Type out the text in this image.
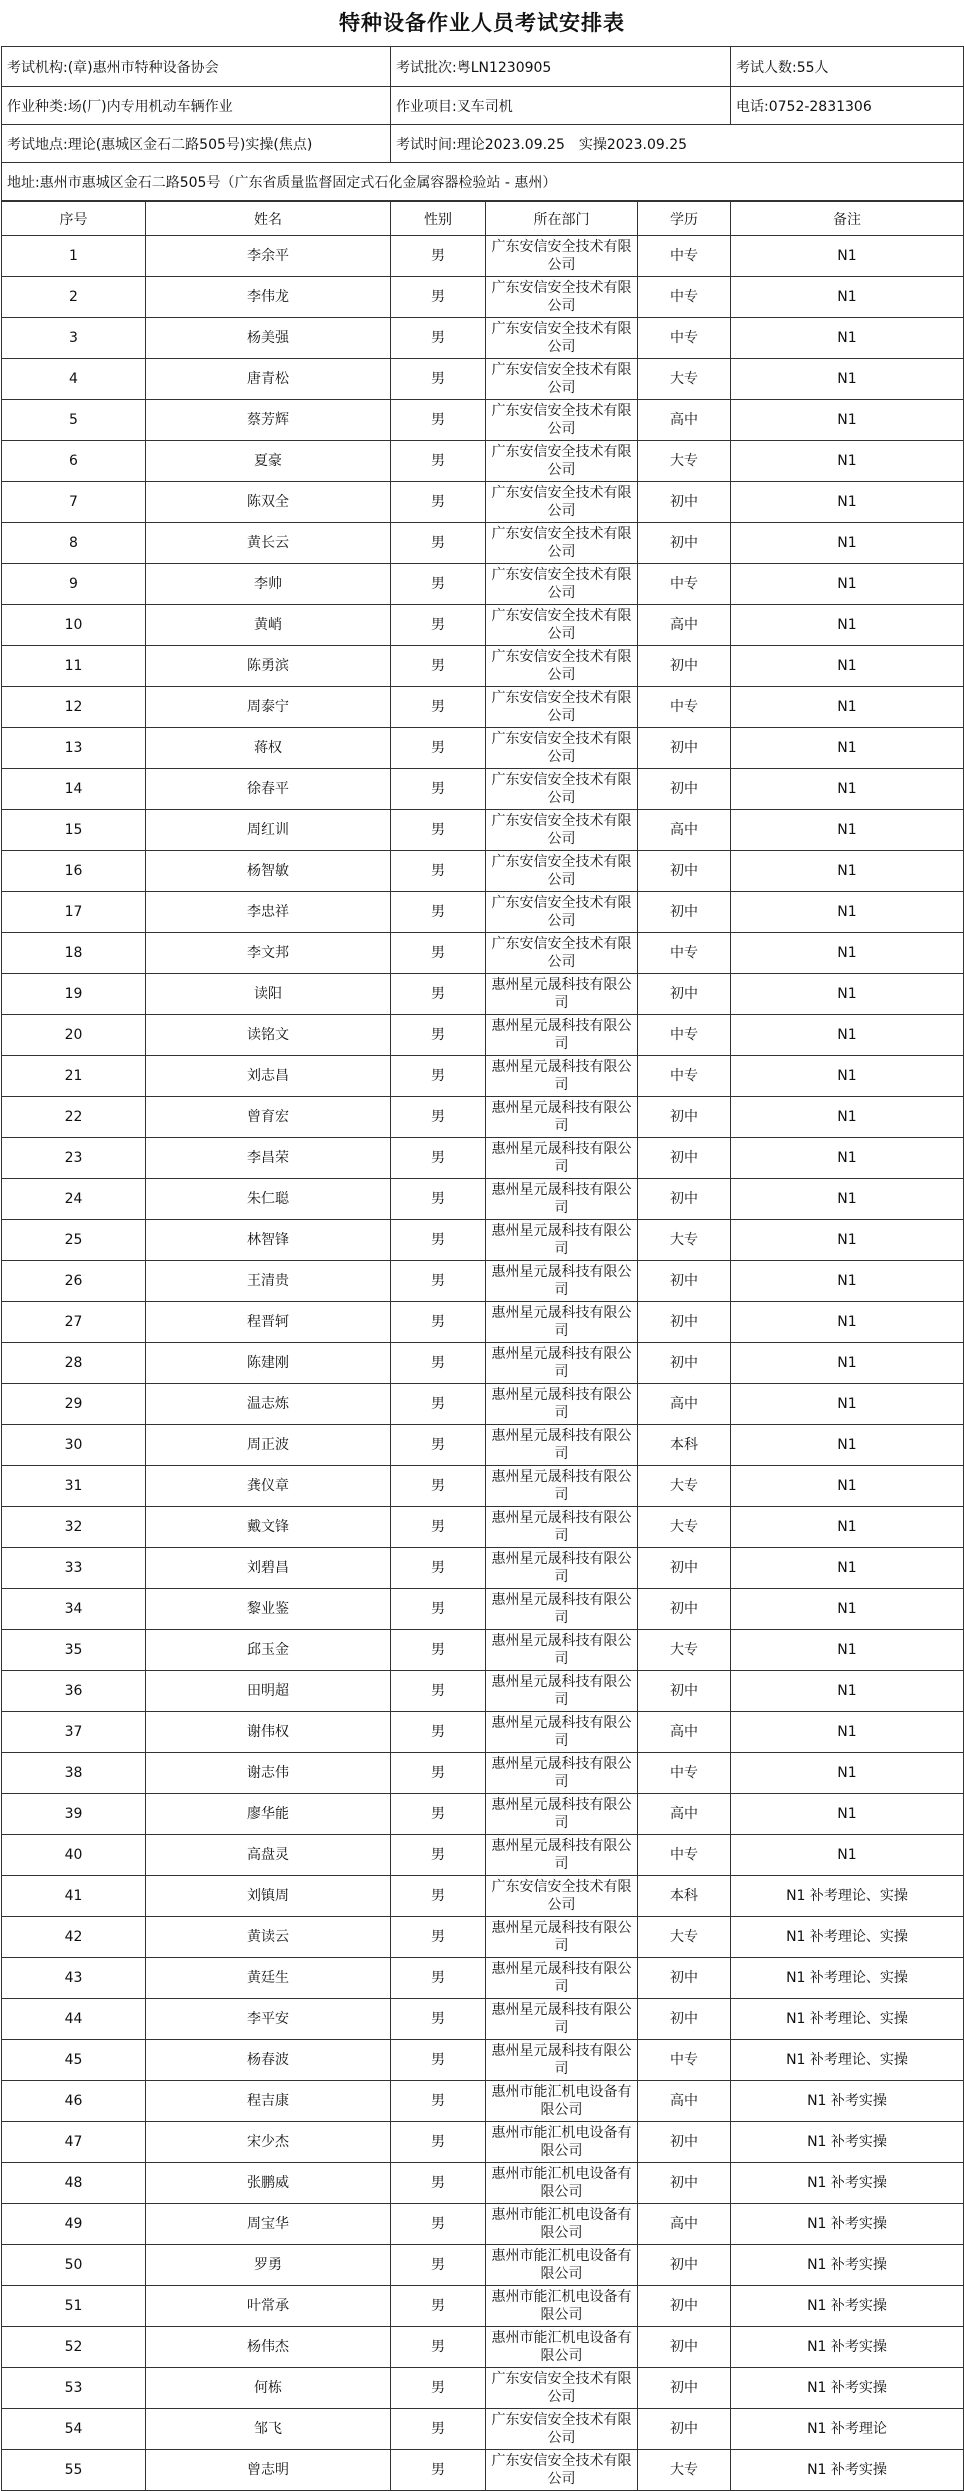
特种设备作业人员考试安排表
考试机构:(章)惠州市特种设备协会	考试批次:粤LN1230905	考试人数:55人
作业种类:场(厂)内专用机动车辆作业	作业项目:叉车司机	电话:0752-2831306
考试地点:理论(惠城区金石二路505号)实操(焦点)	考试时间:理论2023.09.25　实操2023.09.25	
地址:惠州市惠城区金石二路505号（广东省质量监督固定式石化金属容器检验站 - 惠州）		
序号	姓名	性别	所在部门	学历	备注
1	李余平	男	广东安信安全技术有限公司	中专	N1
2	李伟龙	男	广东安信安全技术有限公司	中专	N1
3	杨美强	男	广东安信安全技术有限公司	中专	N1
4	唐青松	男	广东安信安全技术有限公司	大专	N1
5	蔡芳辉	男	广东安信安全技术有限公司	高中	N1
6	夏豪	男	广东安信安全技术有限公司	大专	N1
7	陈双全	男	广东安信安全技术有限公司	初中	N1
8	黄长云	男	广东安信安全技术有限公司	初中	N1
9	李帅	男	广东安信安全技术有限公司	中专	N1
10	黄峭	男	广东安信安全技术有限公司	高中	N1
11	陈勇滨	男	广东安信安全技术有限公司	初中	N1
12	周泰宁	男	广东安信安全技术有限公司	中专	N1
13	蒋权	男	广东安信安全技术有限公司	初中	N1
14	徐春平	男	广东安信安全技术有限公司	初中	N1
15	周红训	男	广东安信安全技术有限公司	高中	N1
16	杨智敏	男	广东安信安全技术有限公司	初中	N1
17	李忠祥	男	广东安信安全技术有限公司	初中	N1
18	李文邦	男	广东安信安全技术有限公司	中专	N1
19	读阳	男	惠州星元晟科技有限公司	初中	N1
20	读铭文	男	惠州星元晟科技有限公司	中专	N1
21	刘志昌	男	惠州星元晟科技有限公司	中专	N1
22	曾育宏	男	惠州星元晟科技有限公司	初中	N1
23	李昌荣	男	惠州星元晟科技有限公司	初中	N1
24	朱仁聪	男	惠州星元晟科技有限公司	初中	N1
25	林智锋	男	惠州星元晟科技有限公司	大专	N1
26	王清贵	男	惠州星元晟科技有限公司	初中	N1
27	程晋轲	男	惠州星元晟科技有限公司	初中	N1
28	陈建刚	男	惠州星元晟科技有限公司	初中	N1
29	温志炼	男	惠州星元晟科技有限公司	高中	N1
30	周正波	男	惠州星元晟科技有限公司	本科	N1
31	龚仪章	男	惠州星元晟科技有限公司	大专	N1
32	戴文锋	男	惠州星元晟科技有限公司	大专	N1
33	刘碧昌	男	惠州星元晟科技有限公司	初中	N1
34	黎业鉴	男	惠州星元晟科技有限公司	初中	N1
35	邱玉金	男	惠州星元晟科技有限公司	大专	N1
36	田明超	男	惠州星元晟科技有限公司	初中	N1
37	谢伟权	男	惠州星元晟科技有限公司	高中	N1
38	谢志伟	男	惠州星元晟科技有限公司	中专	N1
39	廖华能	男	惠州星元晟科技有限公司	高中	N1
40	高盘灵	男	惠州星元晟科技有限公司	中专	N1
41	刘镇周	男	广东安信安全技术有限公司	本科	N1 补考理论、实操
42	黄读云	男	惠州星元晟科技有限公司	大专	N1 补考理论、实操
43	黄廷生	男	惠州星元晟科技有限公司	初中	N1 补考理论、实操
44	李平安	男	惠州星元晟科技有限公司	初中	N1 补考理论、实操
45	杨春波	男	惠州星元晟科技有限公司	中专	N1 补考理论、实操
46	程吉康	男	惠州市能汇机电设备有限公司	高中	N1 补考实操
47	宋少杰	男	惠州市能汇机电设备有限公司	初中	N1 补考实操
48	张鹏威	男	惠州市能汇机电设备有限公司	初中	N1 补考实操
49	周宝华	男	惠州市能汇机电设备有限公司	高中	N1 补考实操
50	罗勇	男	惠州市能汇机电设备有限公司	初中	N1 补考实操
51	叶常承	男	惠州市能汇机电设备有限公司	初中	N1 补考实操
52	杨伟杰	男	惠州市能汇机电设备有限公司	初中	N1 补考实操
53	何栋	男	广东安信安全技术有限公司	初中	N1 补考实操
54	邹飞	男	广东安信安全技术有限公司	初中	N1 补考理论
55	曾志明	男	广东安信安全技术有限公司	大专	N1 补考实操
